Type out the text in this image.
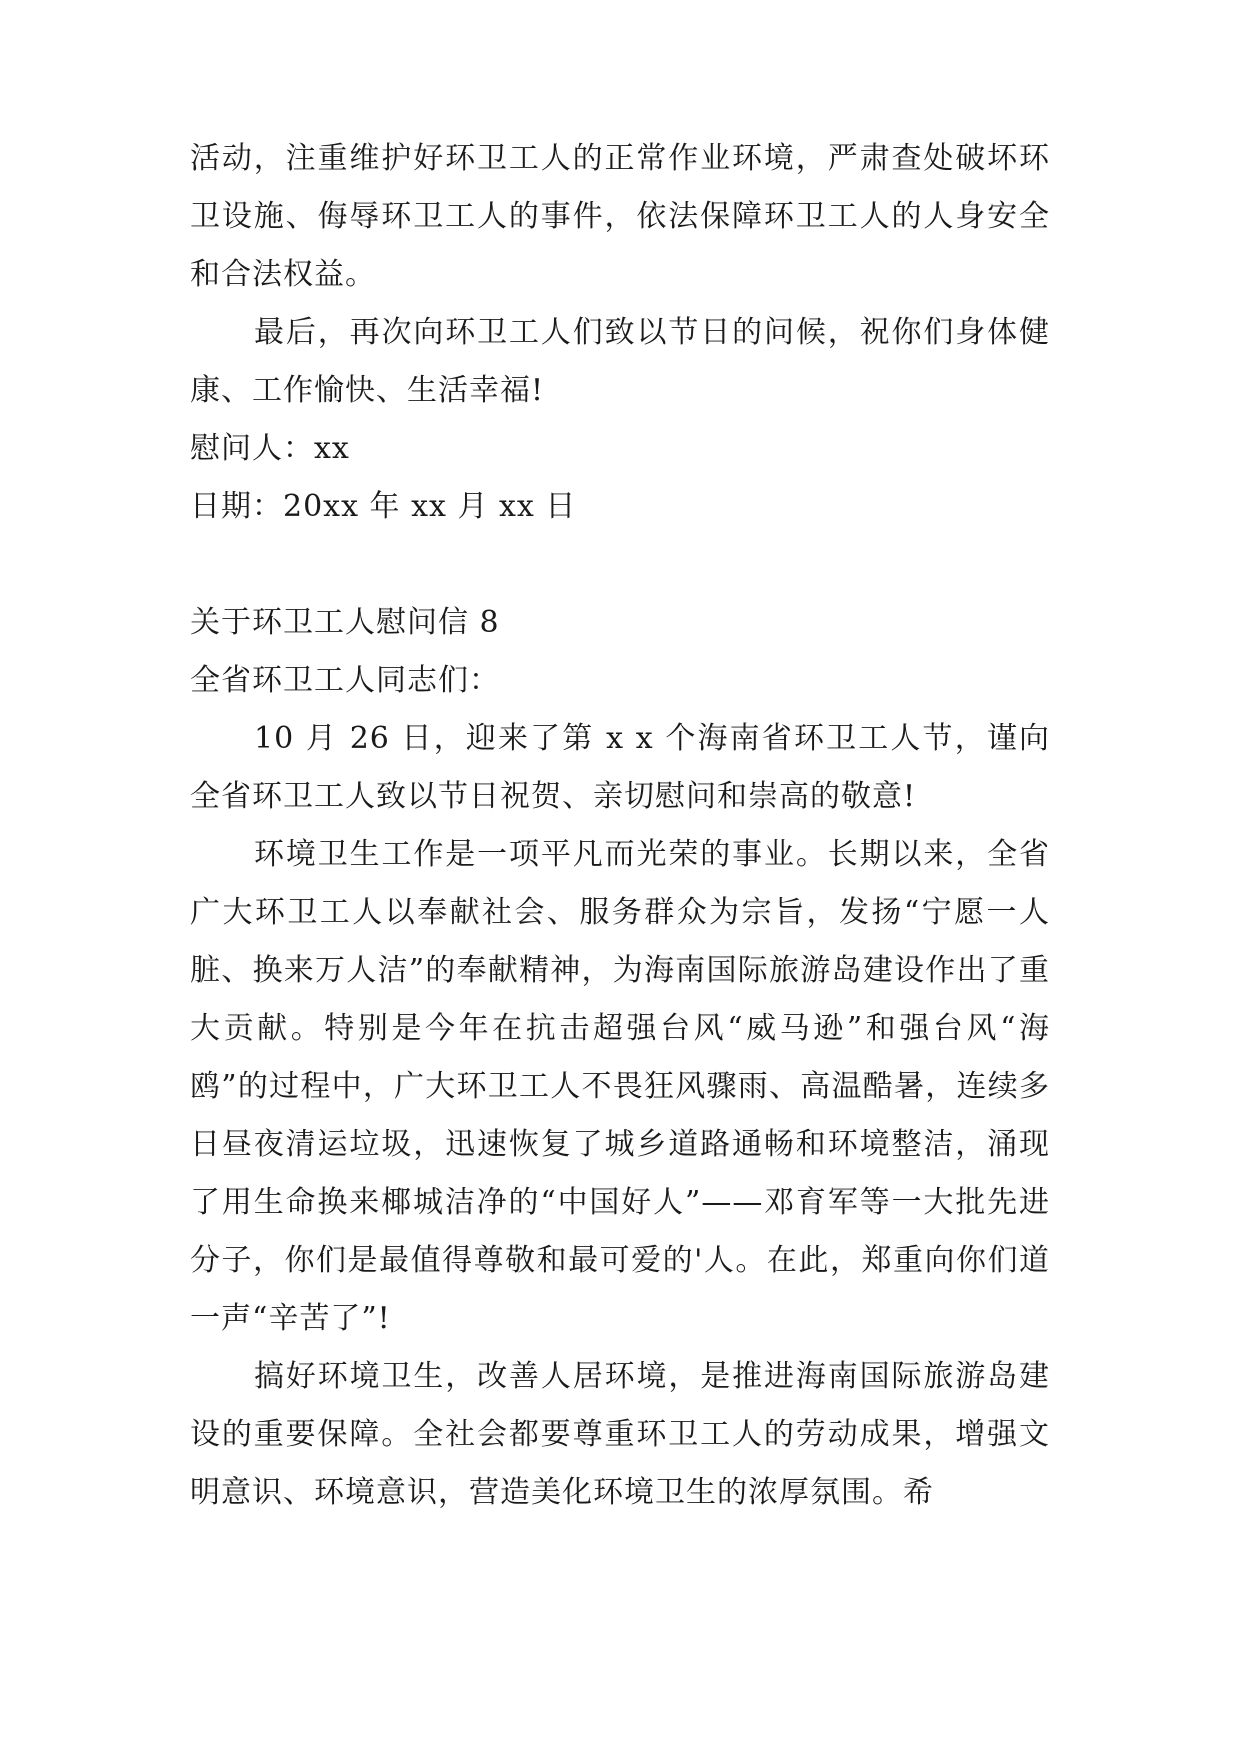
活动，注重维护好环卫工人的正常作业环境，严肃查处破坏环卫设施、侮辱环卫工人的事件，依法保障环卫工人的人身安全和合法权益。

最后，再次向环卫工人们致以节日的问候，祝你们身体健康、工作愉快、生活幸福!

慰问人：xx

日期：20xx 年 xx 月 xx 日

关于环卫工人慰问信 8

全省环卫工人同志们：

10 月 26 日，迎来了第 x x 个海南省环卫工人节，谨向全省环卫工人致以节日祝贺、亲切慰问和崇高的敬意!

环境卫生工作是一项平凡而光荣的事业。长期以来，全省广大环卫工人以奉献社会、服务群众为宗旨，发扬“宁愿一人脏、换来万人洁”的奉献精神，为海南国际旅游岛建设作出了重大贡献。特别是今年在抗击超强台风“威马逊”和强台风“海鸥”的过程中，广大环卫工人不畏狂风骤雨、高温酷暑，连续多日昼夜清运垃圾，迅速恢复了城乡道路通畅和环境整洁，涌现了用生命换来椰城洁净的“中国好人”——邓育军等一大批先进分子，你们是最值得尊敬和最可爱的'人。在此，郑重向你们道一声“辛苦了”!

搞好环境卫生，改善人居环境，是推进海南国际旅游岛建设的重要保障。全社会都要尊重环卫工人的劳动成果，增强文明意识、环境意识，营造美化环境卫生的浓厚氛围。希
